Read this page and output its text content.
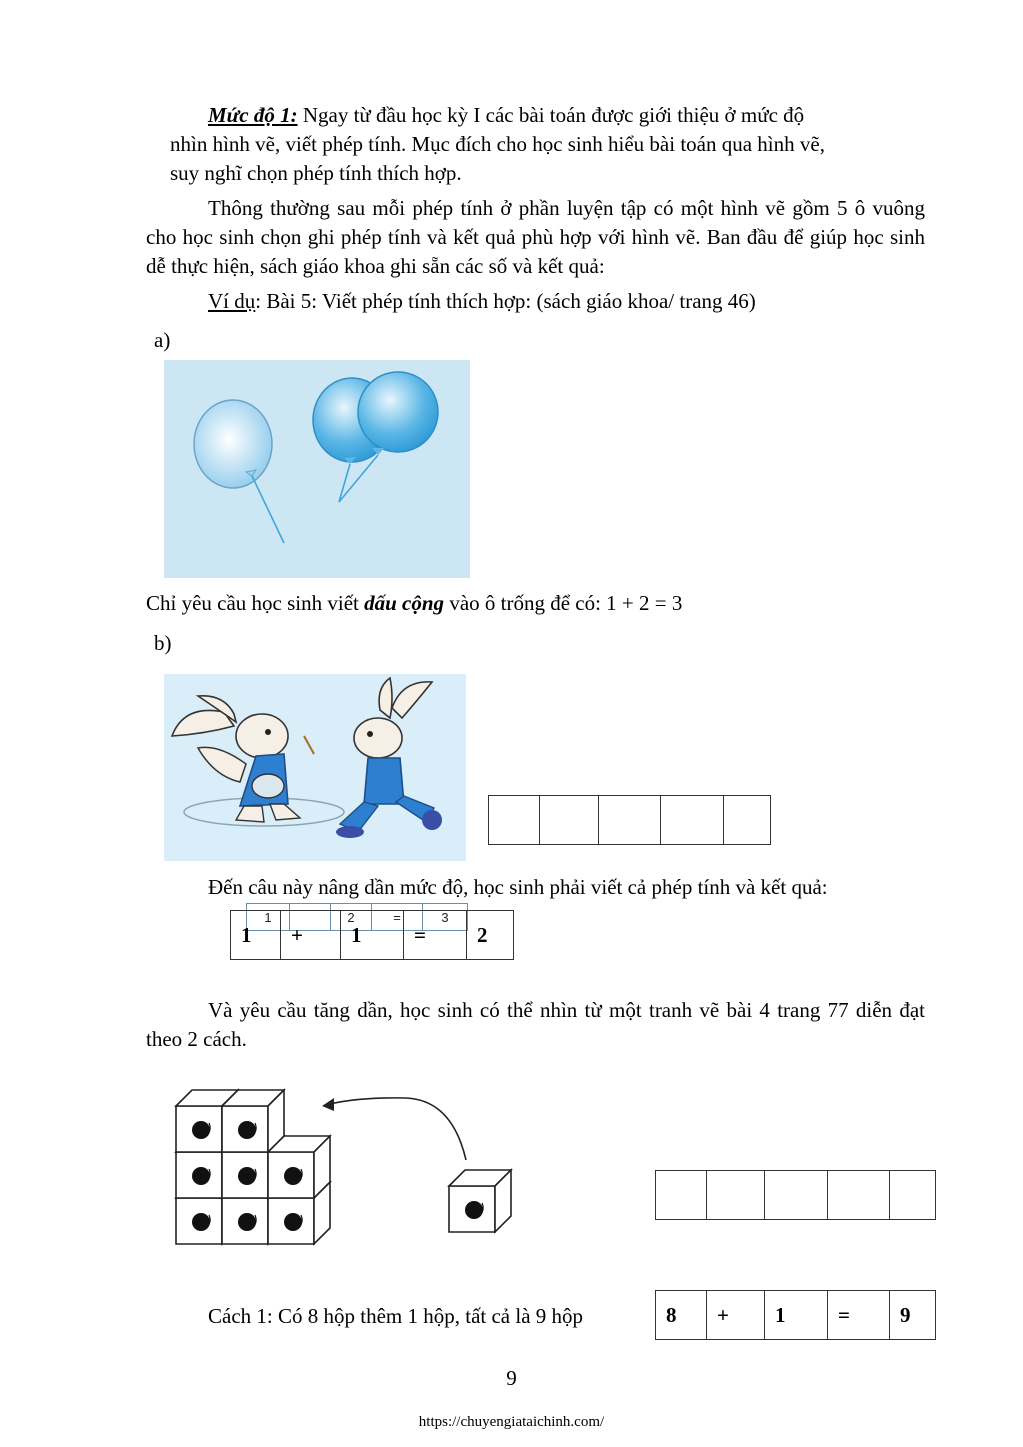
Mức độ 1: Ngay từ đầu học kỳ I các bài toán được giới thiệu ở mức độ
nhìn hình vẽ, viết phép tính. Mục đích cho học sinh hiểu bài toán qua hình vẽ,
suy nghĩ chọn phép tính thích hợp.
Thông thường sau mỗi phép tính ở phần luyện tập có một hình vẽ gồm 5 ô vuông cho học sinh chọn ghi phép tính và kết quả phù hợp với hình vẽ. Ban đầu để giúp học sinh dễ thực hiện, sách giáo khoa ghi sẵn các số và kết quả:
Ví dụ: Bài 5: Viết phép tính thích hợp: (sách giáo khoa/ trang 46)
a)
1	2	=	3
Chỉ yêu cầu học sinh viết dấu cộng vào ô trống để có: 1 + 2 = 3
b)
Đến câu này nâng dần mức độ, học sinh phải viết cả phép tính và kết quả:
1	+	1	=	2
Và yêu cầu tăng dần, học sinh có thể nhìn từ một tranh vẽ bài 4 trang 77 diễn đạt theo 2 cách.
Cách 1: Có 8 hộp thêm 1 hộp, tất cả là 9 hộp	8	+	1	=	9
9
https://chuyengiataichinh.com/
